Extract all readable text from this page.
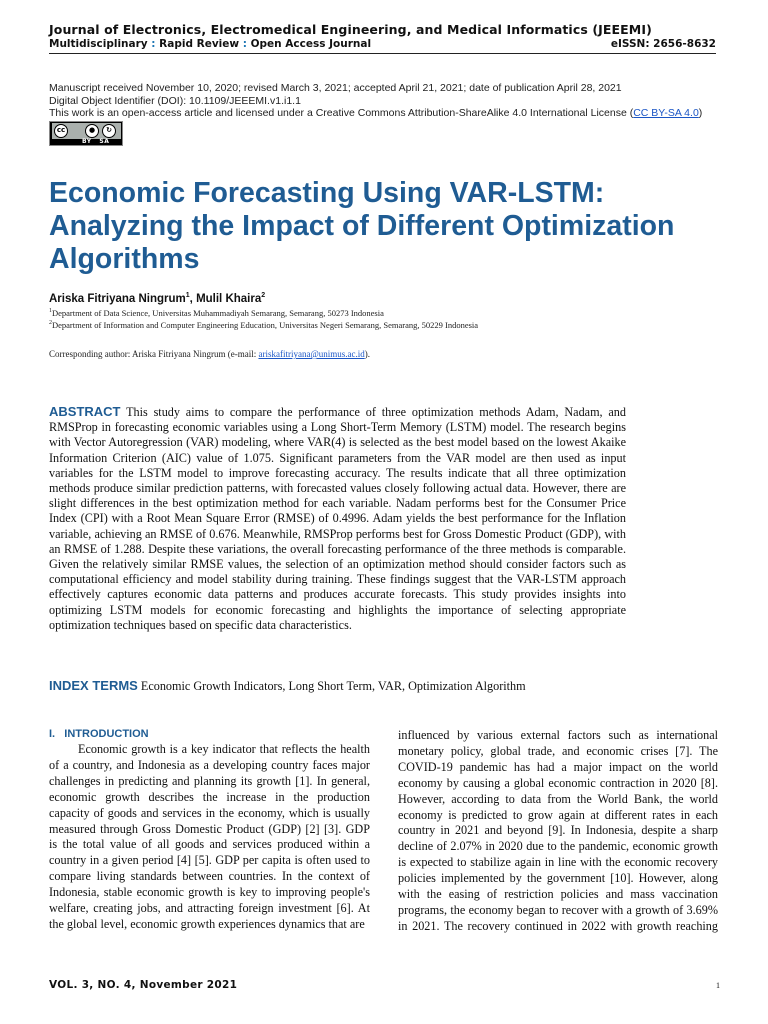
Journal of Electronics, Electromedical Engineering, and Medical Informatics (JEEEMI)
Multidisciplinary : Rapid Review : Open Access Journal	eISSN: 2656-8632
Manuscript received November 10, 2020; revised March 3, 2021; accepted April 21, 2021; date of publication April 28, 2021
Digital Object Identifier (DOI): 10.1109/JEEEMI.v1.i1.1
This work is an open-access article and licensed under a Creative Commons Attribution-ShareAlike 4.0 International License (CC BY-SA 4.0)
cc	●	↻
BY SA
Economic Forecasting Using VAR-LSTM: Analyzing the Impact of Different Optimization Algorithms
Ariska Fitriyana Ningrum$^1$, Mulil Khaira$^2$
$^1$Department of Data Science, Universitas Muhammadiyah Semarang, Semarang, 50273 Indonesia
$^2$Department of Information and Computer Engineering Education, Universitas Negeri Semarang, Semarang, 50229 Indonesia
Corresponding author: Ariska Fitriyana Ningrum (e-mail: ariskafitriyana@unimus.ac.id).
ABSTRACT This study aims to compare the performance of three optimization methods Adam, Nadam, and RMSProp in forecasting economic variables using a Long Short-Term Memory (LSTM) model. The research begins with Vector Autoregression (VAR) modeling, where VAR(4) is selected as the best model based on the lowest Akaike Information Criterion (AIC) value of 1.075. Significant parameters from the VAR model are then used as input variables for the LSTM model to improve forecasting accuracy. The results indicate that all three optimization methods produce similar prediction patterns, with forecasted values closely following actual data. However, there are slight differences in the best optimization method for each variable. Nadam performs best for the Consumer Price Index (CPI) with a Root Mean Square Error (RMSE) of 0.4996. Adam yields the best performance for the Inflation variable, achieving an RMSE of 0.676. Meanwhile, RMSProp performs best for Gross Domestic Product (GDP), with an RMSE of 1.288. Despite these variations, the overall forecasting performance of the three methods is comparable. Given the relatively similar RMSE values, the selection of an optimization method should consider factors such as computational efficiency and model stability during training. These findings suggest that the VAR-LSTM approach effectively captures economic data patterns and produces accurate forecasts. This study provides insights into optimizing LSTM models for economic forecasting and highlights the importance of selecting appropriate optimization techniques based on specific data characteristics.
INDEX TERMS Economic Growth Indicators, Long Short Term, VAR, Optimization Algorithm
I.   INTRODUCTION
Economic growth is a key indicator that reflects the health of a country, and Indonesia as a developing country faces major challenges in predicting and planning its growth [1]. In general, economic growth describes the increase in the production capacity of goods and services in the economy, which is usually measured through Gross Domestic Product (GDP) [2] [3]. GDP is the total value of all goods and services produced within a country in a given period [4] [5]. GDP per capita is often used to compare living standards between countries. In the context of Indonesia, stable economic growth is key to improving people's welfare, creating jobs, and attracting foreign investment [6]. At the global level, economic growth experiences dynamics that are
influenced by various external factors such as international monetary policy, global trade, and economic crises [7]. The COVID-19 pandemic has had a major impact on the world economy by causing a global economic contraction in 2020 [8]. However, according to data from the World Bank, the world economy is predicted to grow again at different rates in each country in 2021 and beyond [9]. In Indonesia, despite a sharp decline of 2.07% in 2020 due to the pandemic, economic growth is expected to stabilize again in line with the economic recovery policies implemented by the government [10]. However, along with the easing of restriction policies and mass vaccination programs, the economy began to recover with a growth of 3.69% in 2021. The recovery continued in 2022 with growth reaching
VOL. 3, NO. 4, November 2021	1
